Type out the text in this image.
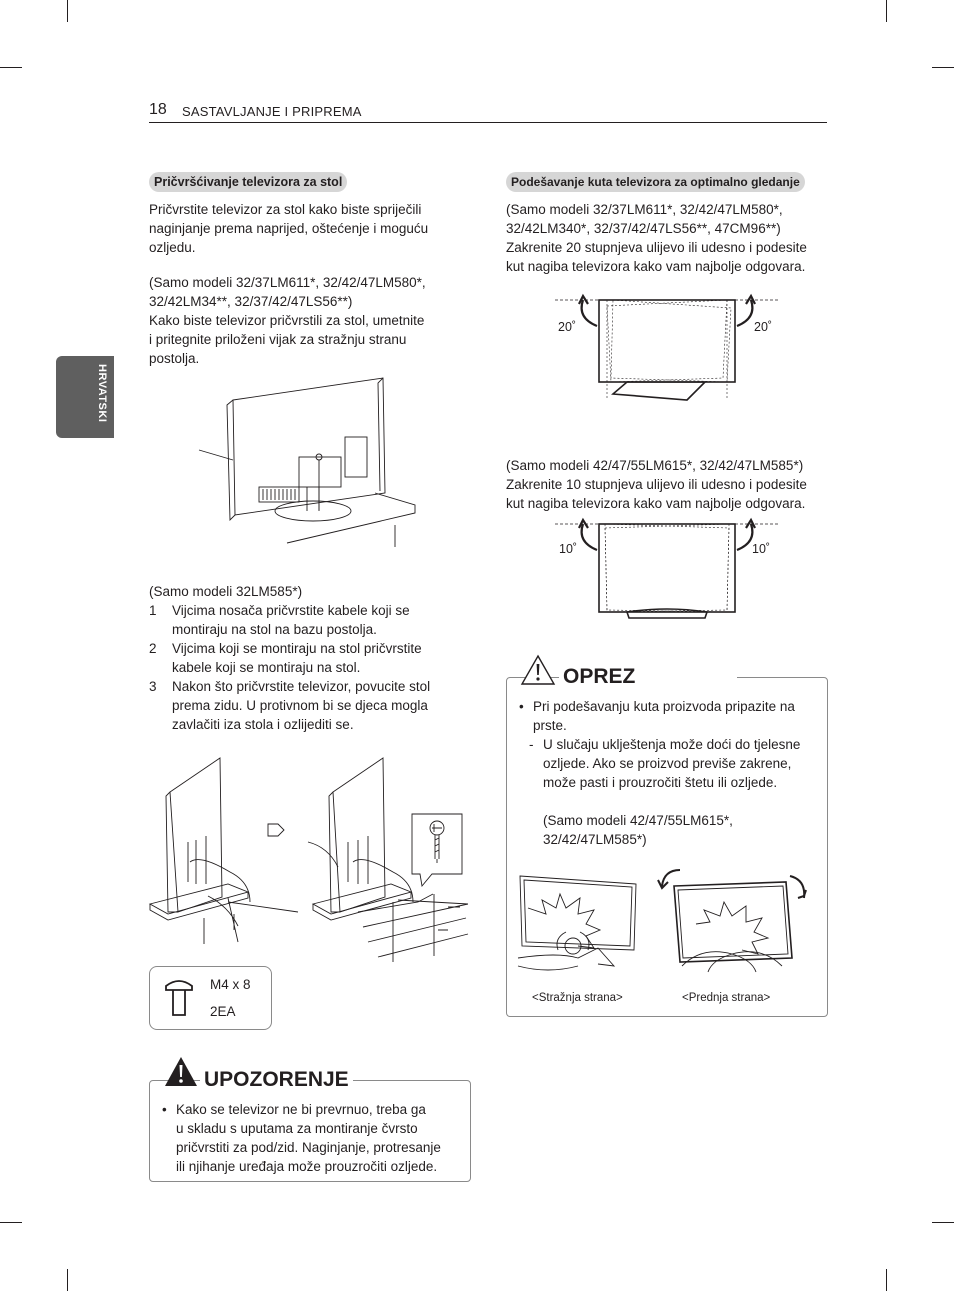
18 SASTAVLJANJE I PRIPREMA
HRVATSKI
Pričvršćivanje televizora za stol

Pričvrstite televizor za stol kako biste spriječili

naginjanje prema naprijed, oštećenje i moguću

ozljedu.

(Samo modeli 32/37LM611*, 32/42/47LM580*,

32/42LM34**, 32/37/42/47LS56**)

Kako biste televizor pričvrstili za stol, umetnite

i pritegnite priloženi vijak za stražnju stranu

postolja.

(Samo modeli 32LM585*)
1 Vijcima nosača pričvrstite kabele koji se

montiraju na stol na bazu postolja.

2 Vijcima koji se montiraju na stol pričvrstite

kabele koji se montiraju na stol.

3 Nakon što pričvrstite televizor, povucite stol

prema zidu. U protivnom bi se djeca mogla

zavlačiti iza stola i ozlijediti se.

M4 x 8
2EA
UPOZORENJE

• Kako se televizor ne bi prevrnuo, treba ga

u skladu s uputama za montiranje čvrsto

pričvrstiti za pod/zid. Naginjanje, protresanje

ili njihanje uređaja može prouzročiti ozljede.

Podešavanje kuta televizora za optimalno gledanje

(Samo modeli 32/37LM611*, 32/42/47LM580*,

32/42LM340*, 32/37/42/47LS56**, 47CM96**)

Zakrenite 20 stupnjeva ulijevo ili udesno i podesite

kut nagiba televizora kako vam najbolje odgovara.

20˚	20˚

(Samo modeli 42/47/55LM615*, 32/42/47LM585*)

Zakrenite 10 stupnjeva ulijevo ili udesno i podesite

kut nagiba televizora kako vam najbolje odgovara.

10˚	10˚
OPREZ

• Pri podešavanju kuta proizvoda pripazite na

prste.

- U slučaju uklještenja može doći do tjelesne

ozljede. Ako se proizvod previše zakrene,

može pasti i prouzročiti štetu ili ozljede.

(Samo modeli 42/47/55LM615*,

32/42/47LM585*)

<Stražnja strana>	<Prednja strana>
